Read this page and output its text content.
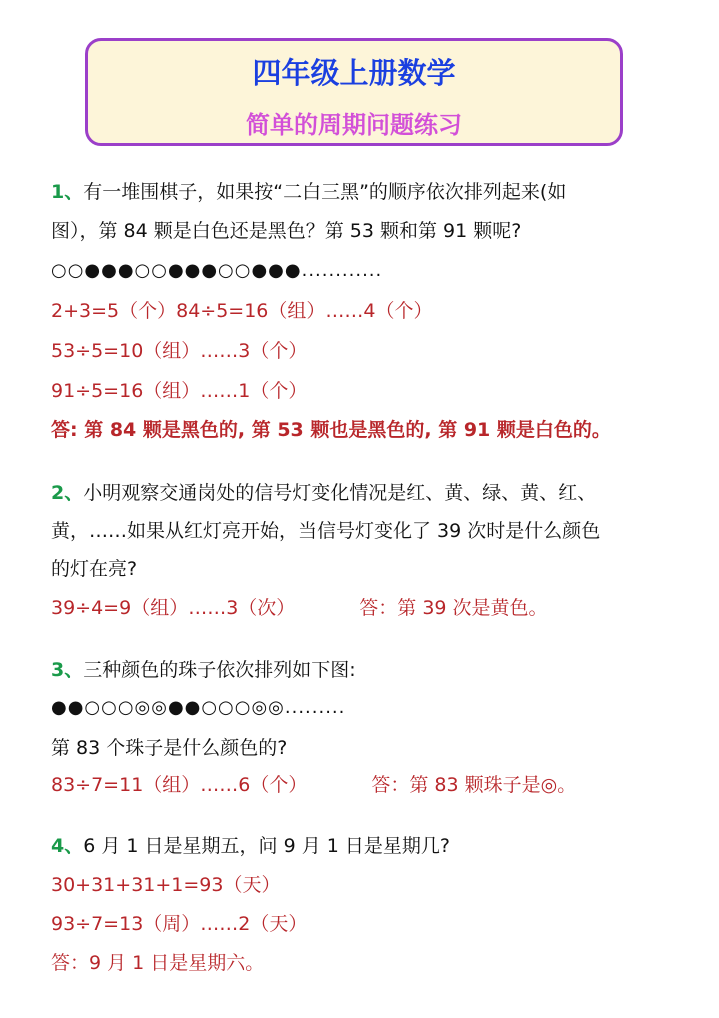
四年级上册数学
简单的周期问题练习
1、有一堆围棋子，如果按“二白三黑”的顺序依次排列起来(如
图），第 84 颗是白色还是黑色？第 53 颗和第 91 颗呢?
○○●●●○○●●●○○●●●............
2+3=5（个）84÷5=16（组）……4（个）
53÷5=10（组）……3（个）
91÷5=16（组）……1（个）
答: 第 84 颗是黑色的, 第 53 颗也是黑色的, 第 91 颗是白色的。
2、小明观察交通岗处的信号灯变化情况是红、黄、绿、黄、红、
黄，……如果从红灯亮开始，当信号灯变化了 39 次时是什么颜色
的灯在亮?
39÷4=9（组）……3（次）	答：第 39 次是黄色。
3、三种颜色的珠子依次排列如下图:
●●○○○◎◎●●○○○◎◎.........
第 83 个珠子是什么颜色的?
83÷7=11（组）……6（个）	答：第 83 颗珠子是◎。
4、6 月 1 日是星期五，问 9 月 1 日是星期几?
30+31+31+1=93（天）
93÷7=13（周）……2（天）
答：9 月 1 日是星期六。
